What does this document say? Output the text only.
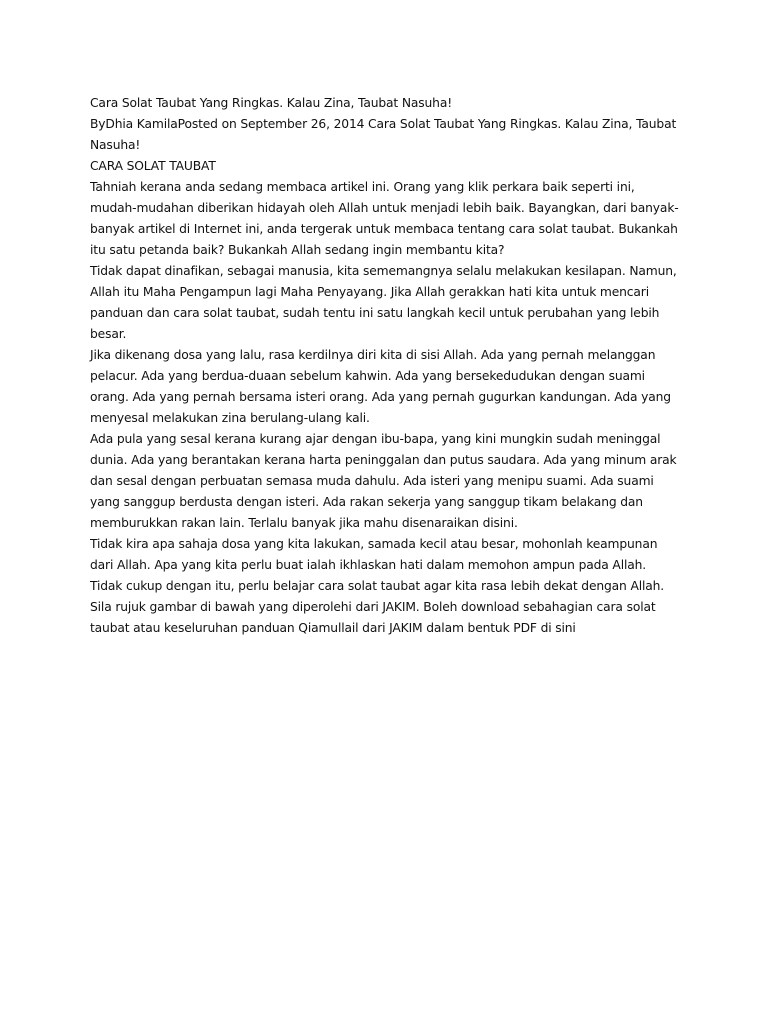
Cara Solat Taubat Yang Ringkas. Kalau Zina, Taubat Nasuha!

ByDhia KamilaPosted on September 26, 2014 Cara Solat Taubat Yang Ringkas. Kalau Zina, Taubat Nasuha!

CARA SOLAT TAUBAT

Tahniah kerana anda sedang membaca artikel ini. Orang yang klik perkara baik seperti ini, mudah-mudahan diberikan hidayah oleh Allah untuk menjadi lebih baik. Bayangkan, dari banyak-banyak artikel di Internet ini, anda tergerak untuk membaca tentang cara solat taubat. Bukankah itu satu petanda baik? Bukankah Allah sedang ingin membantu kita?

Tidak dapat dinafikan, sebagai manusia, kita sememangnya selalu melakukan kesilapan. Namun, Allah itu Maha Pengampun lagi Maha Penyayang. Jika Allah gerakkan hati kita untuk mencari panduan dan cara solat taubat, sudah tentu ini satu langkah kecil untuk perubahan yang lebih besar.

Jika dikenang dosa yang lalu, rasa kerdilnya diri kita di sisi Allah. Ada yang pernah melanggan pelacur. Ada yang berdua-duaan sebelum kahwin. Ada yang bersekedudukan dengan suami orang. Ada yang pernah bersama isteri orang. Ada yang pernah gugurkan kandungan. Ada yang menyesal melakukan zina berulang-ulang kali.

Ada pula yang sesal kerana kurang ajar dengan ibu-bapa, yang kini mungkin sudah meninggal dunia. Ada yang berantakan kerana harta peninggalan dan putus saudara. Ada yang minum arak dan sesal dengan perbuatan semasa muda dahulu. Ada isteri yang menipu suami. Ada suami yang sanggup berdusta dengan isteri. Ada rakan sekerja yang sanggup tikam belakang dan memburukkan rakan lain. Terlalu banyak jika mahu disenaraikan disini.

Tidak kira apa sahaja dosa yang kita lakukan, samada kecil atau besar, mohonlah keampunan dari Allah. Apa yang kita perlu buat ialah ikhlaskan hati dalam memohon ampun pada Allah. Tidak cukup dengan itu, perlu belajar cara solat taubat agar kita rasa lebih dekat dengan Allah.

Sila rujuk gambar di bawah yang diperolehi dari JAKIM. Boleh download sebahagian cara solat taubat atau keseluruhan panduan Qiamullail dari JAKIM dalam bentuk PDF di sini
